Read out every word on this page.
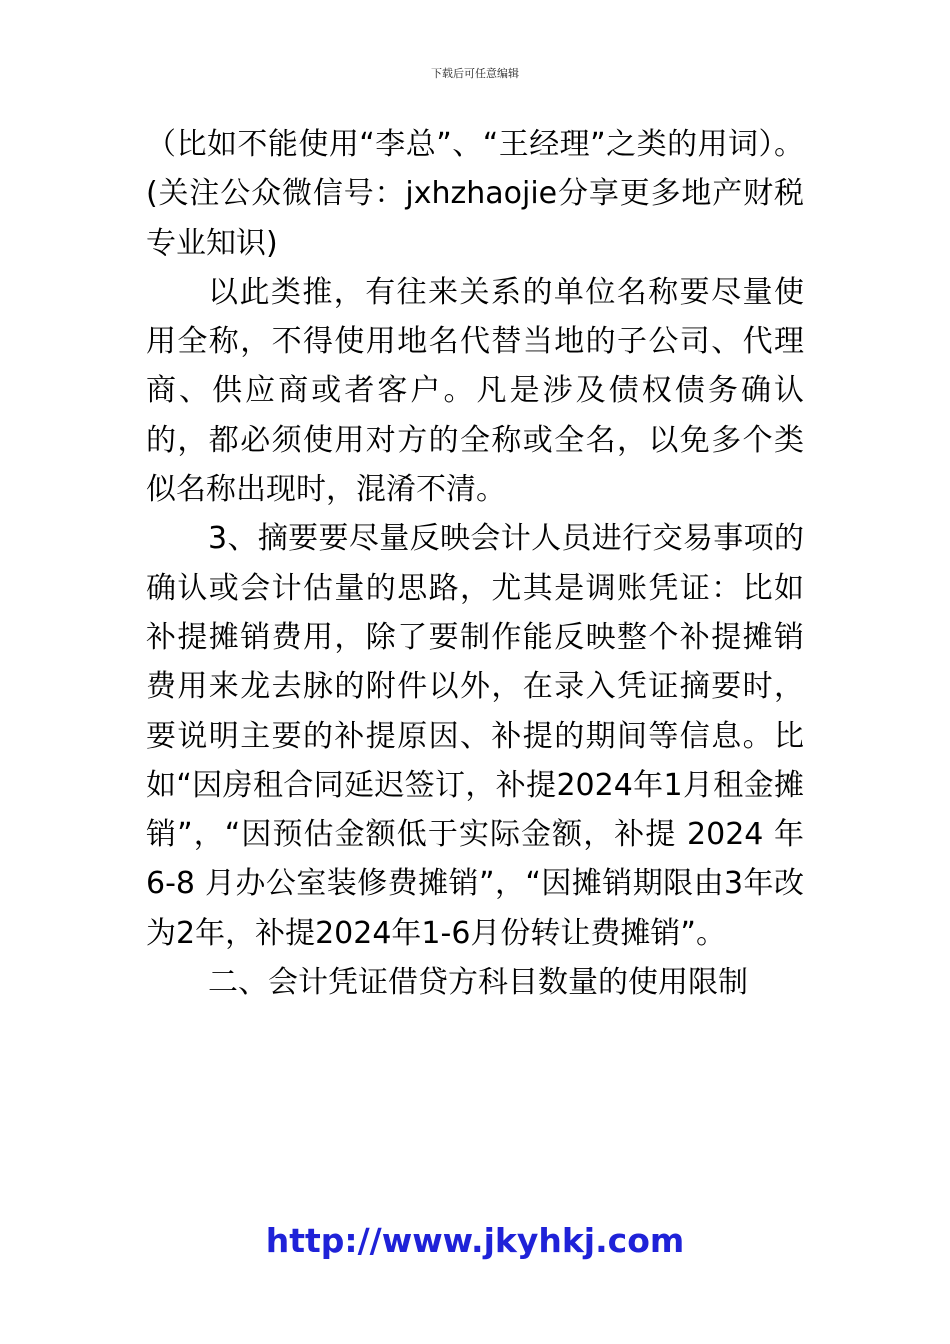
下载后可任意编辑

（比如不能使用“李总”、“王经理”之类的用词）。(关注公众微信号：jxhzhaojie分享更多地产财税专业知识)

以此类推，有往来关系的单位名称要尽量使用全称，不得使用地名代替当地的子公司、代理商、供应商或者客户。凡是涉及债权债务确认的，都必须使用对方的全称或全名，以免多个类似名称出现时，混淆不清。

3、摘要要尽量反映会计人员进行交易事项的确认或会计估量的思路，尤其是调账凭证：比如补提摊销费用，除了要制作能反映整个补提摊销费用来龙去脉的附件以外，在录入凭证摘要时，要说明主要的补提原因、补提的期间等信息。比如“因房租合同延迟签订，补提2024年1月租金摊销”，“因预估金额低于实际金额，补提 2024 年 6-8 月办公室装修费摊销”，“因摊销期限由3年改为2年，补提2024年1-6月份转让费摊销”。

二、会计凭证借贷方科目数量的使用限制

http://www.jkyhkj.com
